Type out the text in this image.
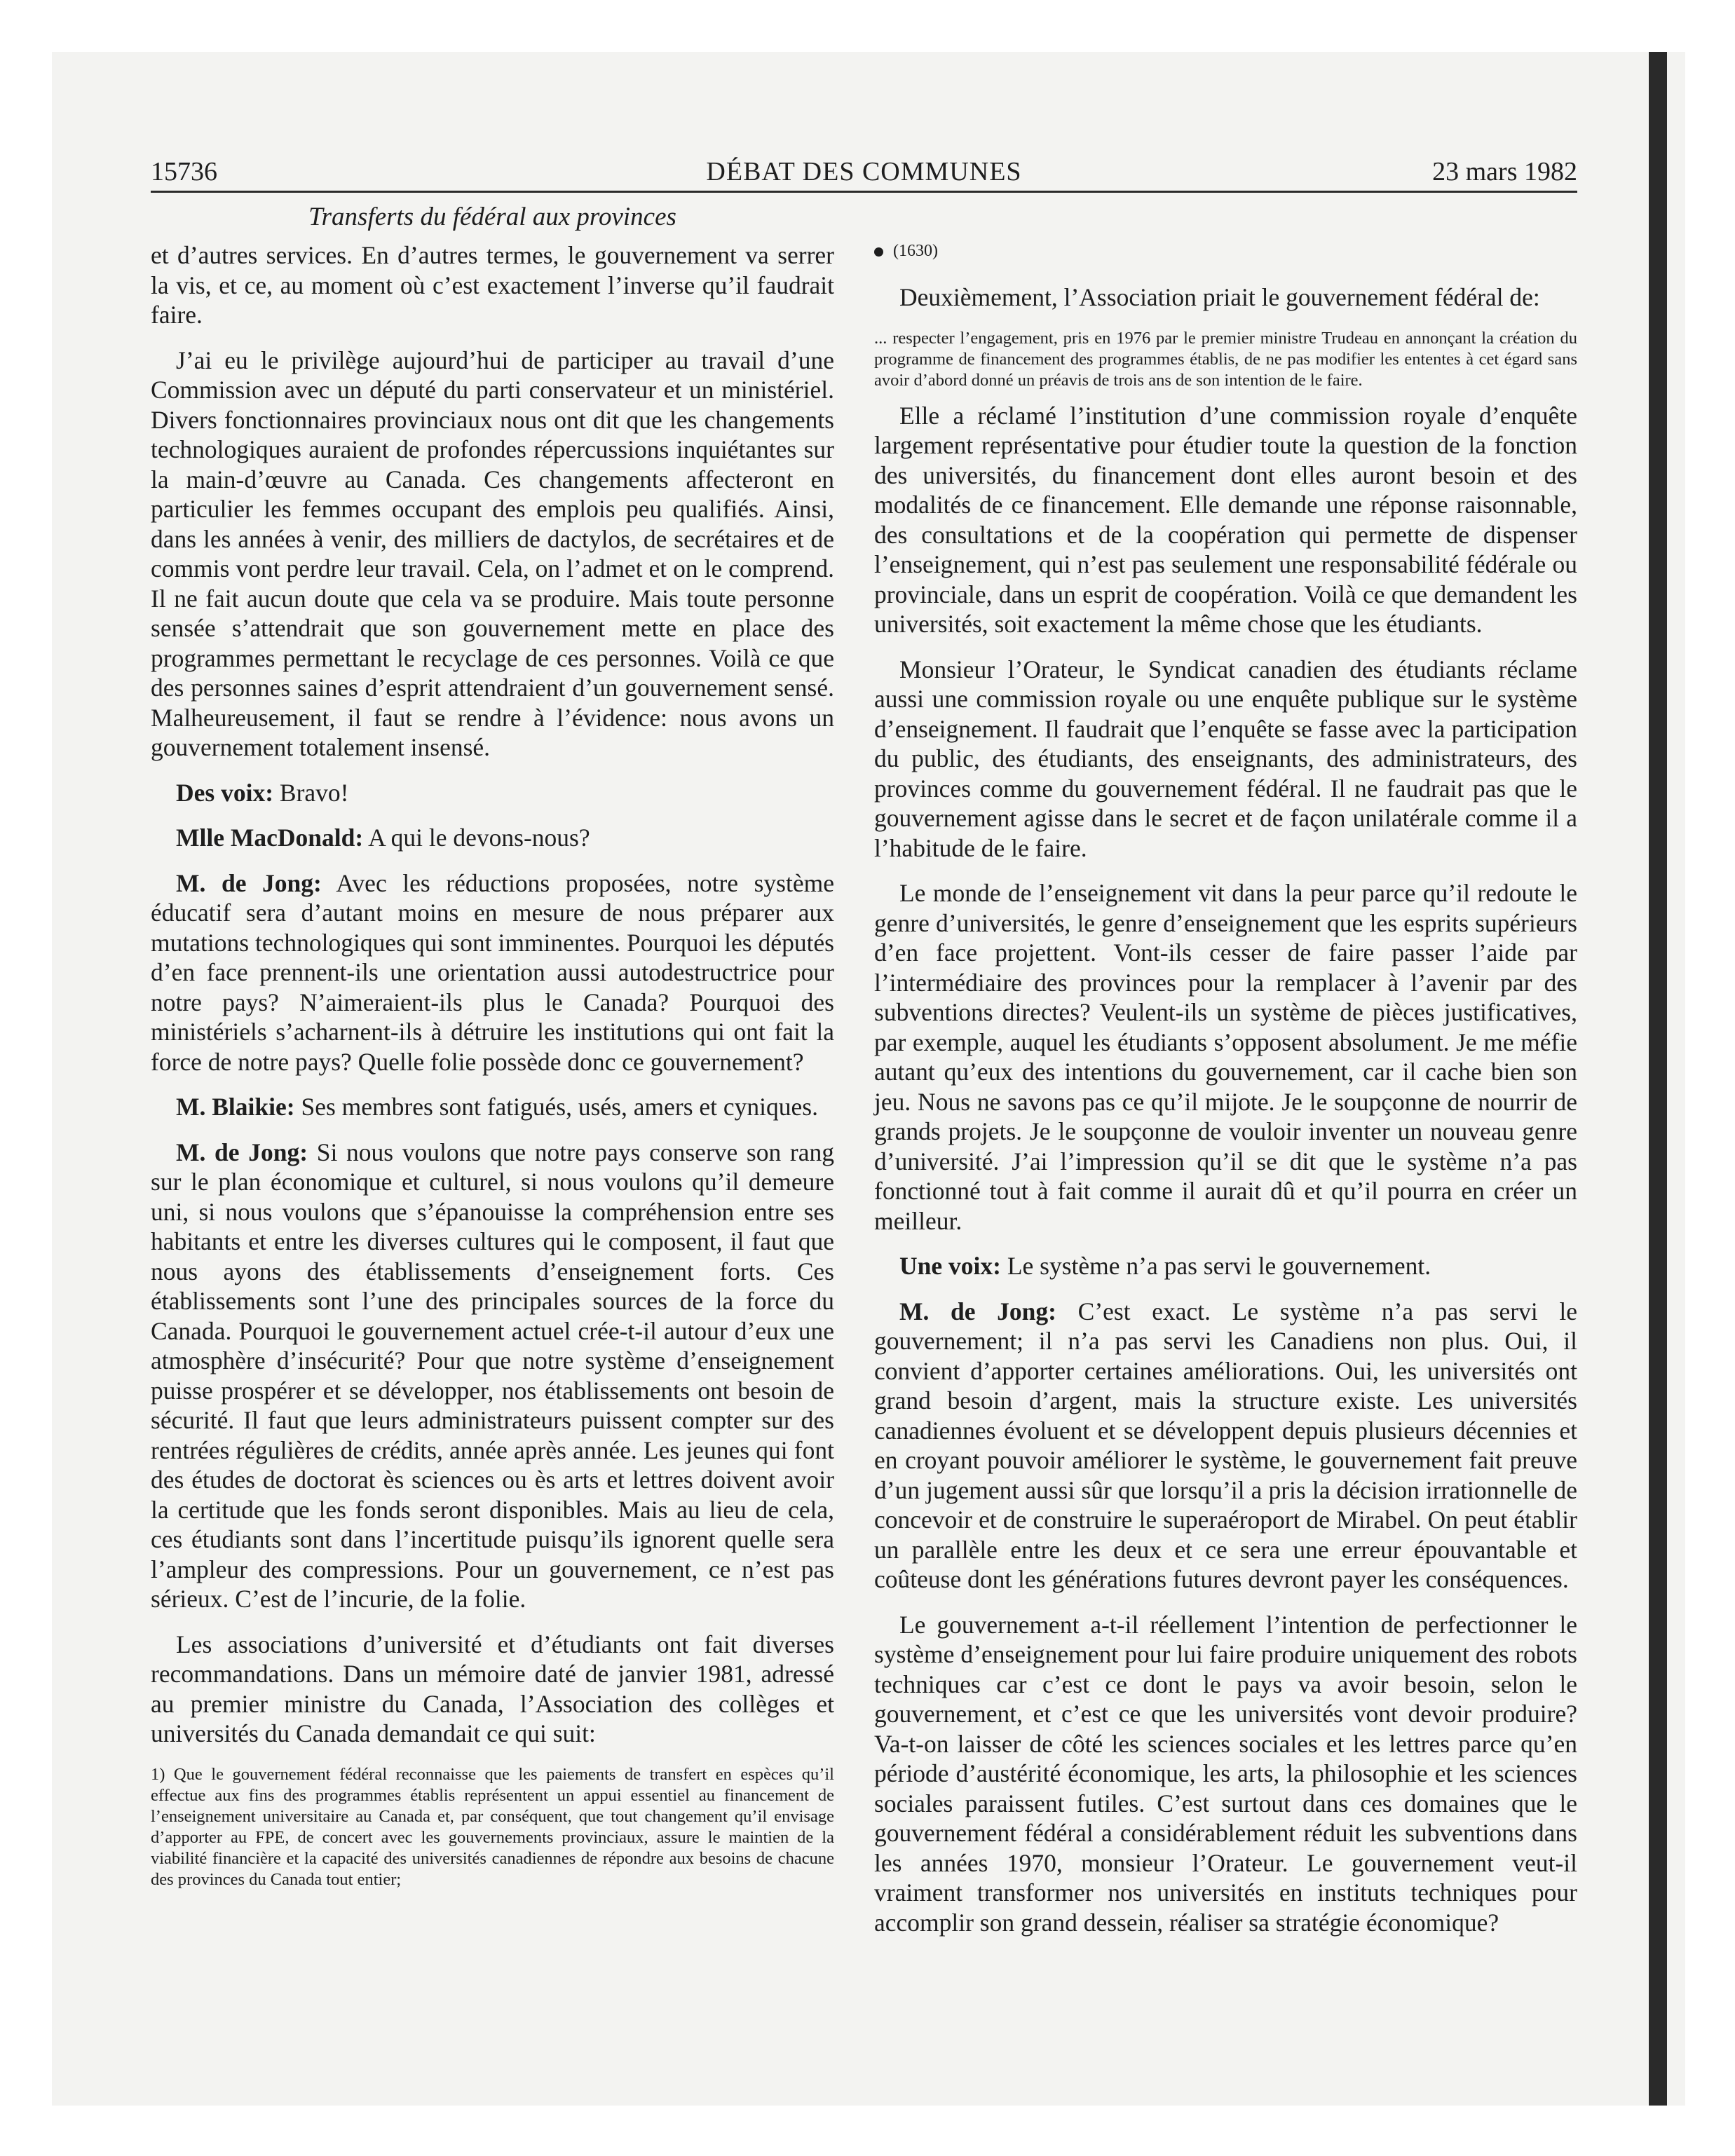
15736	DÉBAT DES COMMUNES	23 mars 1982
Transferts du fédéral aux provinces

et d’autres services. En d’autres termes, le gouvernement va serrer la vis, et ce, au moment où c’est exactement l’inverse qu’il faudrait faire.

J’ai eu le privilège aujourd’hui de participer au travail d’une Commission avec un député du parti conservateur et un ministériel. Divers fonctionnaires provinciaux nous ont dit que les changements technologiques auraient de profondes répercussions inquiétantes sur la main-d’œuvre au Canada. Ces changements affecteront en particulier les femmes occupant des emplois peu qualifiés. Ainsi, dans les années à venir, des milliers de dactylos, de secrétaires et de commis vont perdre leur travail. Cela, on l’admet et on le comprend. Il ne fait aucun doute que cela va se produire. Mais toute personne sensée s’attendrait que son gouvernement mette en place des programmes permettant le recyclage de ces personnes. Voilà ce que des personnes saines d’esprit attendraient d’un gouvernement sensé. Malheureusement, il faut se rendre à l’évidence: nous avons un gouvernement totalement insensé.

Des voix: Bravo!

Mlle MacDonald: A qui le devons-nous?

M. de Jong: Avec les réductions proposées, notre système éducatif sera d’autant moins en mesure de nous préparer aux mutations technologiques qui sont imminentes. Pourquoi les députés d’en face prennent-ils une orientation aussi autodestructrice pour notre pays? N’aimeraient-ils plus le Canada? Pourquoi des ministériels s’acharnent-ils à détruire les institutions qui ont fait la force de notre pays? Quelle folie possède donc ce gouvernement?

M. Blaikie: Ses membres sont fatigués, usés, amers et cyniques.

M. de Jong: Si nous voulons que notre pays conserve son rang sur le plan économique et culturel, si nous voulons qu’il demeure uni, si nous voulons que s’épanouisse la compréhension entre ses habitants et entre les diverses cultures qui le composent, il faut que nous ayons des établissements d’enseignement forts. Ces établissements sont l’une des principales sources de la force du Canada. Pourquoi le gouvernement actuel crée-t-il autour d’eux une atmosphère d’insécurité? Pour que notre système d’enseignement puisse prospérer et se développer, nos établissements ont besoin de sécurité. Il faut que leurs administrateurs puissent compter sur des rentrées régulières de crédits, année après année. Les jeunes qui font des études de doctorat ès sciences ou ès arts et lettres doivent avoir la certitude que les fonds seront disponibles. Mais au lieu de cela, ces étudiants sont dans l’incertitude puisqu’ils ignorent quelle sera l’ampleur des compressions. Pour un gouvernement, ce n’est pas sérieux. C’est de l’incurie, de la folie.

Les associations d’université et d’étudiants ont fait diverses recommandations. Dans un mémoire daté de janvier 1981, adressé au premier ministre du Canada, l’Association des collèges et universités du Canada demandait ce qui suit:

1) Que le gouvernement fédéral reconnaisse que les paiements de transfert en espèces qu’il effectue aux fins des programmes établis représentent un appui essentiel au financement de l’enseignement universitaire au Canada et, par conséquent, que tout changement qu’il envisage d’apporter au FPE, de concert avec les gouvernements provinciaux, assure le maintien de la viabilité financière et la capacité des universités canadiennes de répondre aux besoins de chacune des provinces du Canada tout entier;

(1630)

Deuxièmement, l’Association priait le gouvernement fédéral de:

... respecter l’engagement, pris en 1976 par le premier ministre Trudeau en annonçant la création du programme de financement des programmes établis, de ne pas modifier les ententes à cet égard sans avoir d’abord donné un préavis de trois ans de son intention de le faire.

Elle a réclamé l’institution d’une commission royale d’enquête largement représentative pour étudier toute la question de la fonction des universités, du financement dont elles auront besoin et des modalités de ce financement. Elle demande une réponse raisonnable, des consultations et de la coopération qui permette de dispenser l’enseignement, qui n’est pas seulement une responsabilité fédérale ou provinciale, dans un esprit de coopération. Voilà ce que demandent les universités, soit exactement la même chose que les étudiants.

Monsieur l’Orateur, le Syndicat canadien des étudiants réclame aussi une commission royale ou une enquête publique sur le système d’enseignement. Il faudrait que l’enquête se fasse avec la participation du public, des étudiants, des enseignants, des administrateurs, des provinces comme du gouvernement fédéral. Il ne faudrait pas que le gouvernement agisse dans le secret et de façon unilatérale comme il a l’habitude de le faire.

Le monde de l’enseignement vit dans la peur parce qu’il redoute le genre d’universités, le genre d’enseignement que les esprits supérieurs d’en face projettent. Vont-ils cesser de faire passer l’aide par l’intermédiaire des provinces pour la remplacer à l’avenir par des subventions directes? Veulent-ils un système de pièces justificatives, par exemple, auquel les étudiants s’opposent absolument. Je me méfie autant qu’eux des intentions du gouvernement, car il cache bien son jeu. Nous ne savons pas ce qu’il mijote. Je le soupçonne de nourrir de grands projets. Je le soupçonne de vouloir inventer un nouveau genre d’université. J’ai l’impression qu’il se dit que le système n’a pas fonctionné tout à fait comme il aurait dû et qu’il pourra en créer un meilleur.

Une voix: Le système n’a pas servi le gouvernement.

M. de Jong: C’est exact. Le système n’a pas servi le gouvernement; il n’a pas servi les Canadiens non plus. Oui, il convient d’apporter certaines améliorations. Oui, les universités ont grand besoin d’argent, mais la structure existe. Les universités canadiennes évoluent et se développent depuis plusieurs décennies et en croyant pouvoir améliorer le système, le gouvernement fait preuve d’un jugement aussi sûr que lorsqu’il a pris la décision irrationnelle de concevoir et de construire le superaéroport de Mirabel. On peut établir un parallèle entre les deux et ce sera une erreur épouvantable et coûteuse dont les générations futures devront payer les conséquences.

Le gouvernement a-t-il réellement l’intention de perfectionner le système d’enseignement pour lui faire produire uniquement des robots techniques car c’est ce dont le pays va avoir besoin, selon le gouvernement, et c’est ce que les universités vont devoir produire? Va-t-on laisser de côté les sciences sociales et les lettres parce qu’en période d’austérité économique, les arts, la philosophie et les sciences sociales paraissent futiles. C’est surtout dans ces domaines que le gouvernement fédéral a considérablement réduit les subventions dans les années 1970, monsieur l’Orateur. Le gouvernement veut-il vraiment transformer nos universités en instituts techniques pour accomplir son grand dessein, réaliser sa stratégie économique?
